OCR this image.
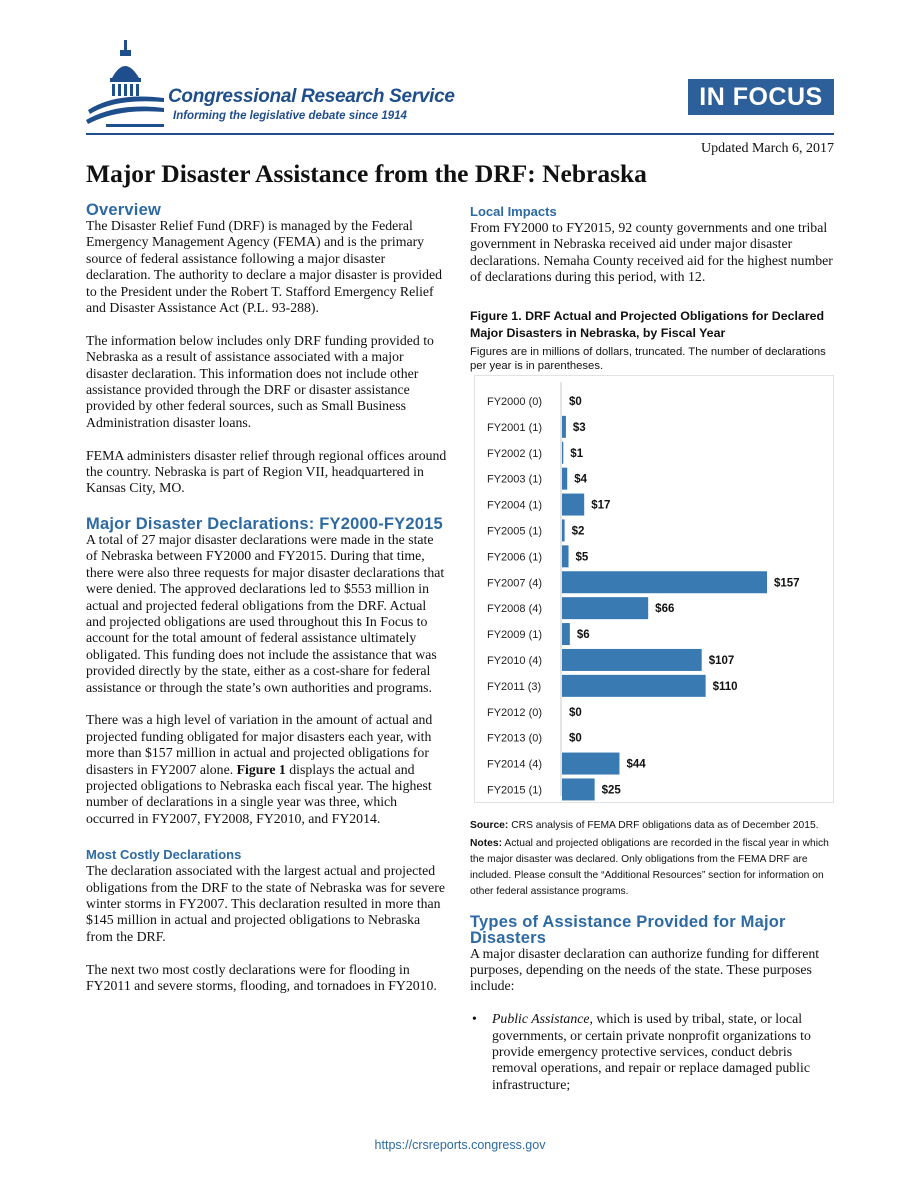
Congressional Research Service
Informing the legislative debate since 1914
IN FOCUS
Updated March 6, 2017
Major Disaster Assistance from the DRF: Nebraska
Overview

The Disaster Relief Fund (DRF) is managed by the Federal Emergency Management Agency (FEMA) and is the primary source of federal assistance following a major disaster declaration. The authority to declare a major disaster is provided to the President under the Robert T. Stafford Emergency Relief and Disaster Assistance Act (P.L. 93-288).

The information below includes only DRF funding provided to Nebraska as a result of assistance associated with a major disaster declaration. This information does not include other assistance provided through the DRF or disaster assistance provided by other federal sources, such as Small Business Administration disaster loans.

FEMA administers disaster relief through regional offices around the country. Nebraska is part of Region VII, headquartered in Kansas City, MO.

Major Disaster Declarations: FY2000-FY2015

A total of 27 major disaster declarations were made in the state of Nebraska between FY2000 and FY2015. During that time, there were also three requests for major disaster declarations that were denied. The approved declarations led to $553 million in actual and projected federal obligations from the DRF. Actual and projected obligations are used throughout this In Focus to account for the total amount of federal assistance ultimately obligated. This funding does not include the assistance that was provided directly by the state, either as a cost-share for federal assistance or through the state’s own authorities and programs.

There was a high level of variation in the amount of actual and projected funding obligated for major disasters each year, with more than $157 million in actual and projected obligations for disasters in FY2007 alone. Figure 1 displays the actual and projected obligations to Nebraska each fiscal year. The highest number of declarations in a single year was three, which occurred in FY2007, FY2008, FY2010, and FY2014.

Most Costly Declarations

The declaration associated with the largest actual and projected obligations from the DRF to the state of Nebraska was for severe winter storms in FY2007. This declaration resulted in more than $145 million in actual and projected obligations to Nebraska from the DRF.

The next two most costly declarations were for flooding in FY2011 and severe storms, flooding, and tornadoes in FY2010.

Local Impacts

From FY2000 to FY2015, 92 county governments and one tribal government in Nebraska received aid under major disaster declarations. Nemaha County received aid for the highest number of declarations during this period, with 12.

Figure 1. DRF Actual and Projected Obligations for Declared Major Disasters in Nebraska, by Fiscal Year
Figures are in millions of dollars, truncated. The number of declarations per year is in parentheses.
Source: CRS analysis of FEMA DRF obligations data as of December 2015.
Notes: Actual and projected obligations are recorded in the fiscal year in which the major disaster was declared. Only obligations from the FEMA DRF are included. Please consult the “Additional Resources” section for information on other federal assistance programs.
Types of Assistance Provided for Major Disasters

A major disaster declaration can authorize funding for different purposes, depending on the needs of the state. These purposes include:

• Public Assistance, which is used by tribal, state, or local governments, or certain private nonprofit organizations to provide emergency protective services, conduct debris removal operations, and repair or replace damaged public infrastructure;
FY2000 (0) $0
FY2001 (1)	$3
FY2002 (1) $1
FY2003 (1)	$4
FY2004 (1)	$17
FY2005 (1)	$2
FY2006 (1)	$5
FY2007 (4)	$157
FY2008 (4)	$66
FY2009 (1)	$6
FY2010 (4)	$107
FY2011 (3)	$110
FY2012 (0) $0
FY2013 (0) $0
FY2014 (4)	$44
FY2015 (1)	$25
https://crsreports.congress.gov
